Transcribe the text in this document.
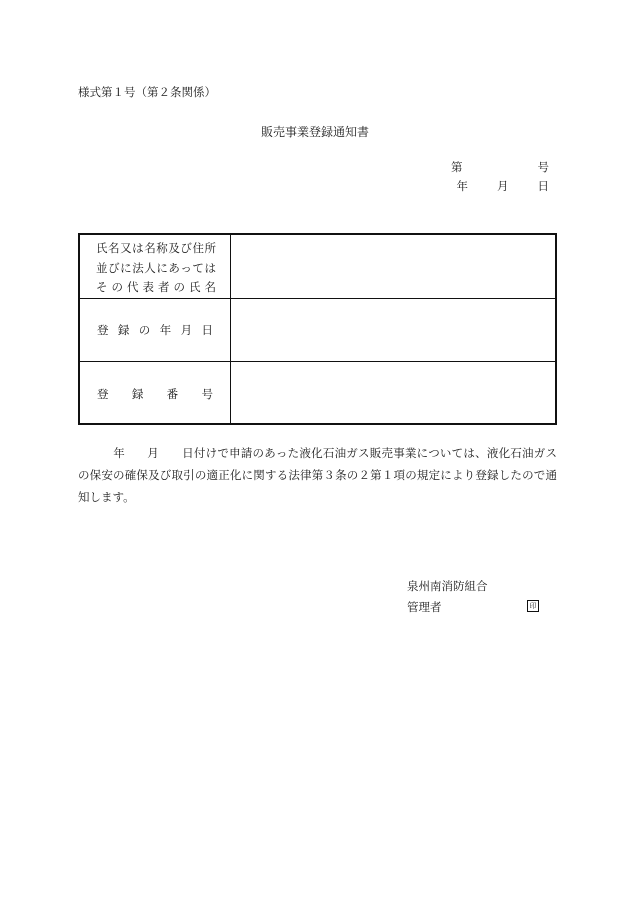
様式第１号（第２条関係）
販売事業登録通知書
第	号
年	月	日
氏名又は名称及び住所
並びに法人にあっては
その代表者の氏名
登録の年月日
登録番号
年 月 日付けで申請のあった液化石油ガス販売事業については、液化石油ガスの保安の確保及び取引の適正化に関する法律第３条の２第１項の規定により登録したので通知します。
泉州南消防組合
管理者	印
